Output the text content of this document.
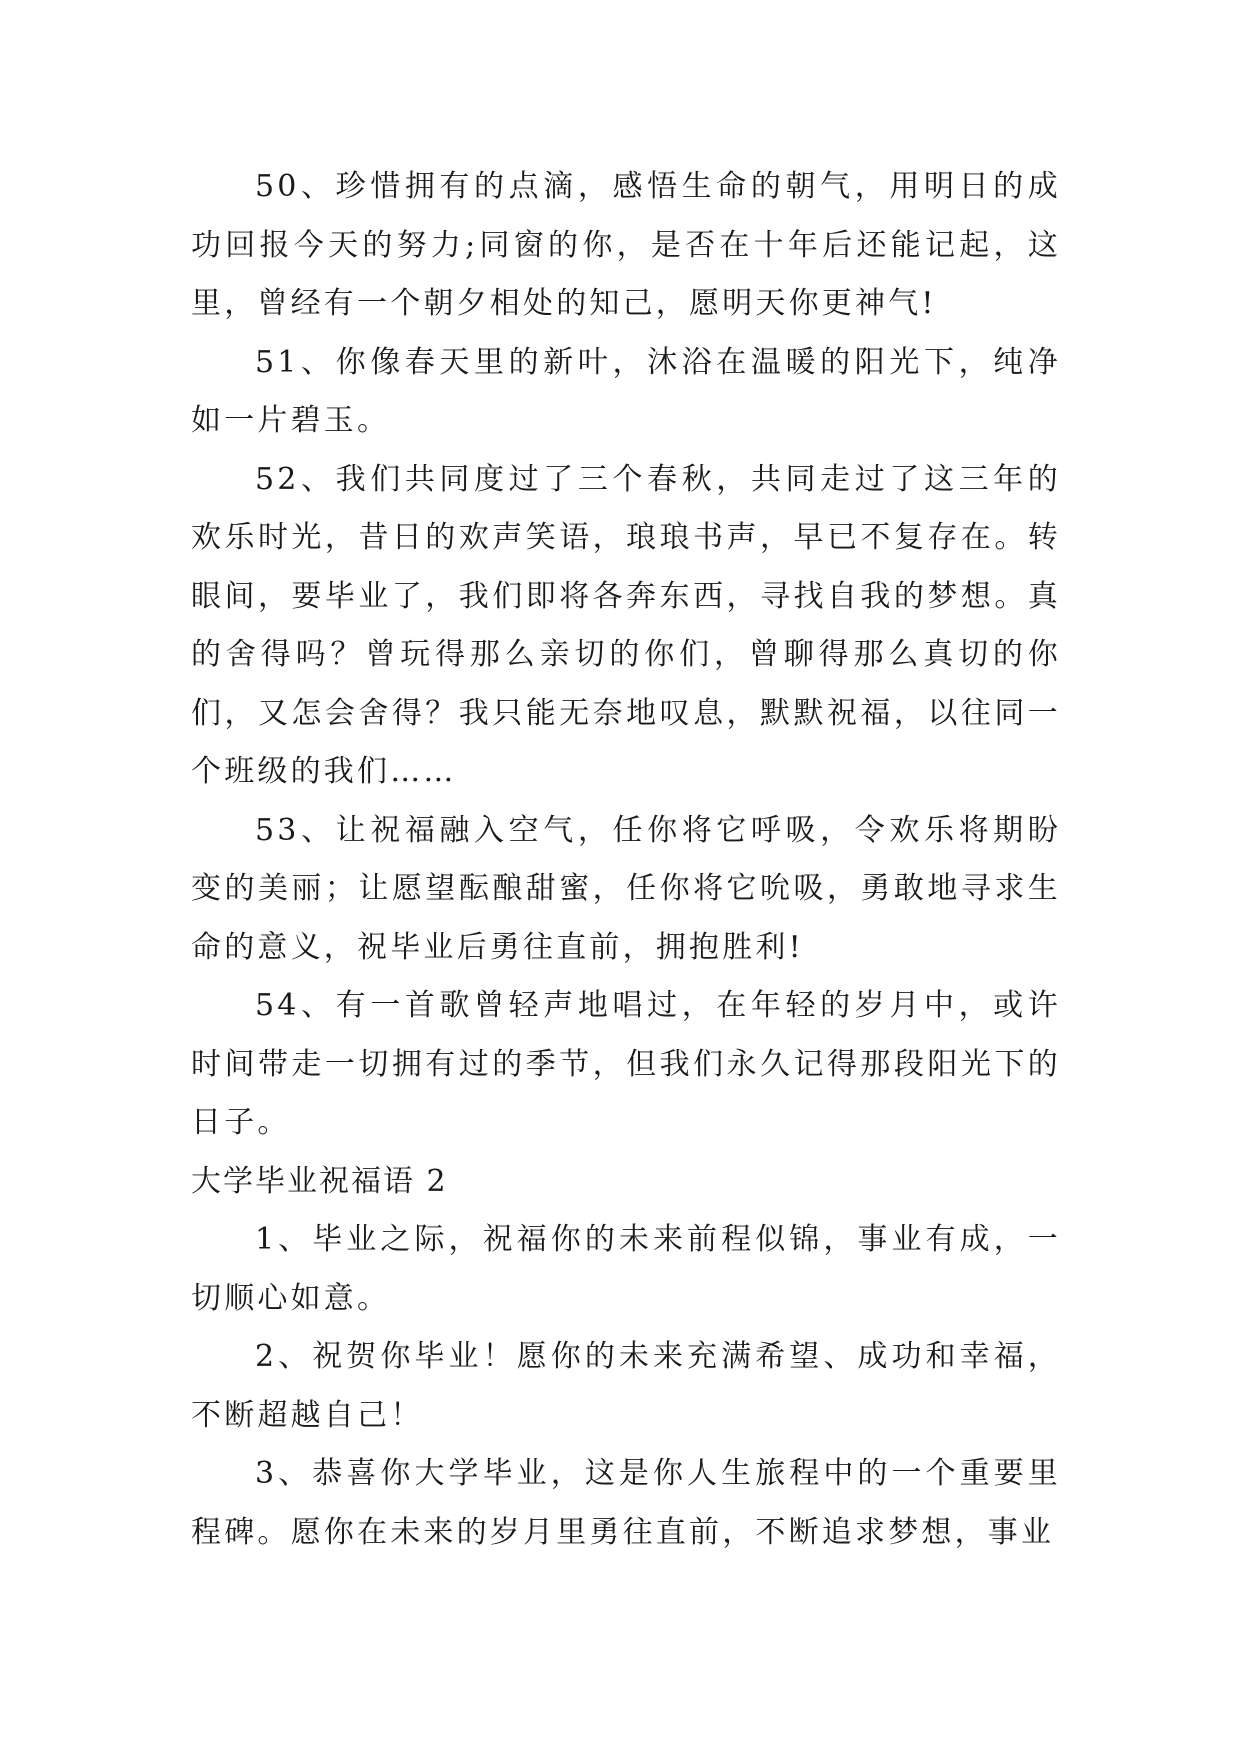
50、珍惜拥有的点滴，感悟生命的朝气，用明日的成功回报今天的努力;同窗的你，是否在十年后还能记起，这里，曾经有一个朝夕相处的知己，愿明天你更神气!

51、你像春天里的新叶，沐浴在温暖的阳光下，纯净如一片碧玉。

52、我们共同度过了三个春秋，共同走过了这三年的欢乐时光，昔日的欢声笑语，琅琅书声，早已不复存在。转眼间，要毕业了，我们即将各奔东西，寻找自我的梦想。真的舍得吗？曾玩得那么亲切的你们，曾聊得那么真切的你们，又怎会舍得？我只能无奈地叹息，默默祝福，以往同一个班级的我们……

53、让祝福融入空气，任你将它呼吸，令欢乐将期盼变的美丽；让愿望酝酿甜蜜，任你将它吮吸，勇敢地寻求生命的意义，祝毕业后勇往直前，拥抱胜利!

54、有一首歌曾轻声地唱过，在年轻的岁月中，或许时间带走一切拥有过的季节，但我们永久记得那段阳光下的日子。

大学毕业祝福语 2

1、毕业之际，祝福你的未来前程似锦，事业有成，一切顺心如意。

2、祝贺你毕业！愿你的未来充满希望、成功和幸福，不断超越自己！

3、恭喜你大学毕业，这是你人生旅程中的一个重要里程碑。愿你在未来的岁月里勇往直前，不断追求梦想，事业
